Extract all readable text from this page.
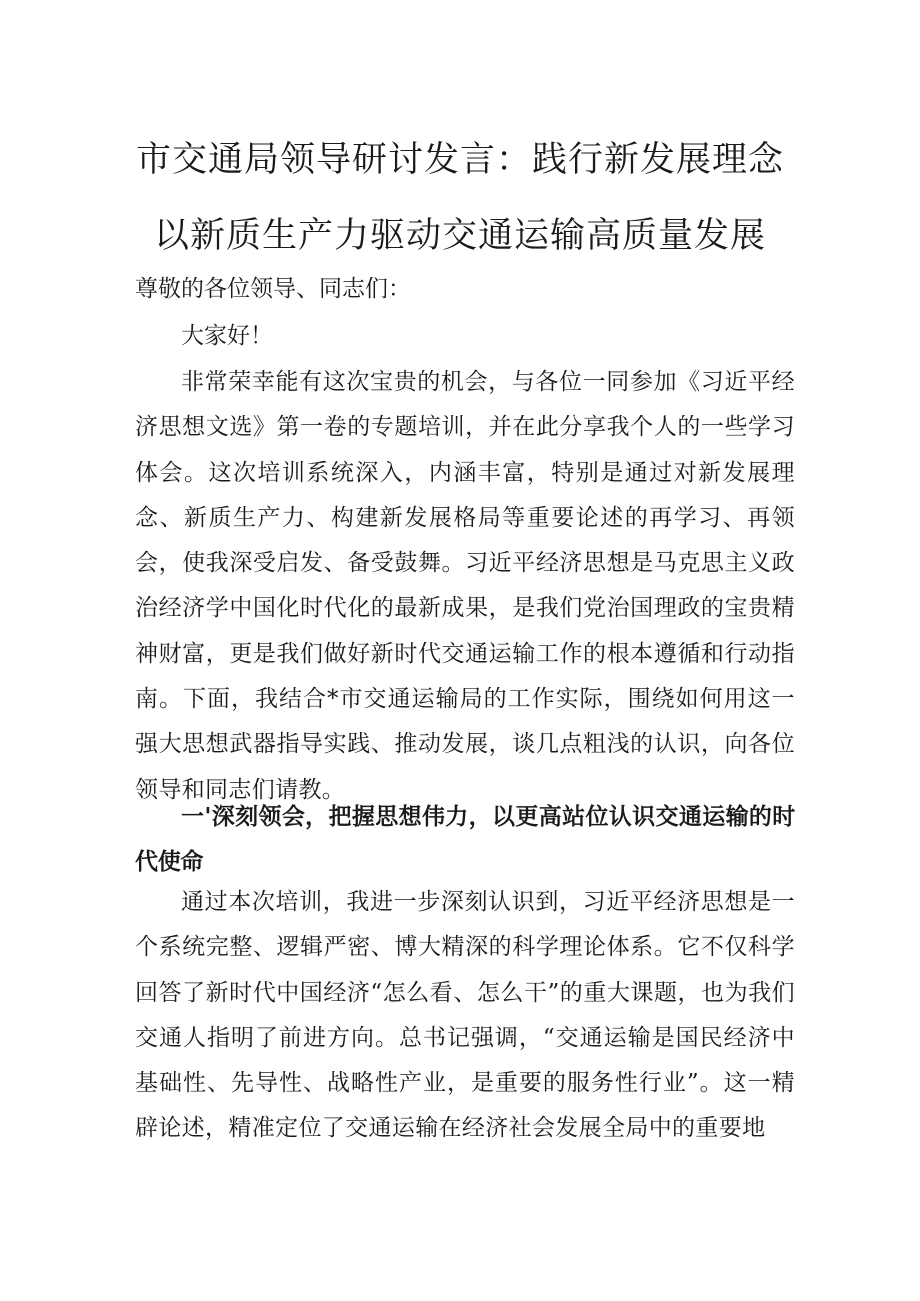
市交通局领导研讨发言：践行新发展理念
以新质生产力驱动交通运输高质量发展

尊敬的各位领导、同志们：

大家好！

非常荣幸能有这次宝贵的机会，与各位一同参加《习近平经济思想文选》第一卷的专题培训，并在此分享我个人的一些学习体会。这次培训系统深入，内涵丰富，特别是通过对新发展理念、新质生产力、构建新发展格局等重要论述的再学习、再领会，使我深受启发、备受鼓舞。习近平经济思想是马克思主义政治经济学中国化时代化的最新成果，是我们党治国理政的宝贵精神财富，更是我们做好新时代交通运输工作的根本遵循和行动指南。下面，我结合*市交通运输局的工作实际，围绕如何用这一强大思想武器指导实践、推动发展，谈几点粗浅的认识，向各位领导和同志们请教。

一'深刻领会，把握思想伟力，以更高站位认识交通运输的时代使命

通过本次培训，我进一步深刻认识到，习近平经济思想是一个系统完整、逻辑严密、博大精深的科学理论体系。它不仅科学回答了新时代中国经济“怎么看、怎么干”的重大课题，也为我们交通人指明了前进方向。总书记强调，“交通运输是国民经济中基础性、先导性、战略性产业，是重要的服务性行业”。这一精辟论述，精准定位了交通运输在经济社会发展全局中的重要地
